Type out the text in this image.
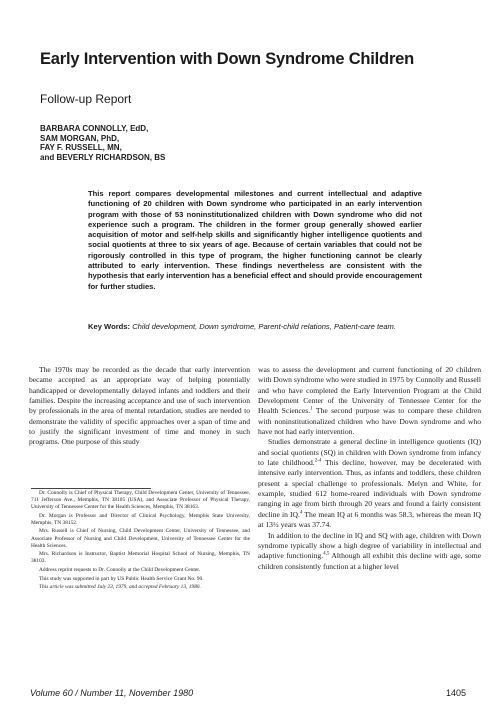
Early Intervention with Down Syndrome Children
Follow-up Report
BARBARA CONNOLLY, EdD,
SAM MORGAN, PhD,
FAY F. RUSSELL, MN,
and BEVERLY RICHARDSON, BS
This report compares developmental milestones and current intellectual and adaptive functioning of 20 children with Down syndrome who participated in an early intervention program with those of 53 noninstitutionalized children with Down syndrome who did not experience such a program. The children in the former group generally showed earlier acquisition of motor and self-help skills and significantly higher intelligence quotients and social quotients at three to six years of age. Because of certain variables that could not be rigorously controlled in this type of program, the higher functioning cannot be clearly attributed to early intervention. These findings nevertheless are consistent with the hypothesis that early intervention has a beneficial effect and should provide encouragement for further studies.
Key Words: Child development, Down syndrome, Parent-child relations, Patient-care team.

The 1970s may be recorded as the decade that early intervention became accepted as an appropriate way of helping potentially handicapped or developmentally delayed infants and toddlers and their families. Despite the increasing acceptance and use of such intervention by professionals in the area of mental retardation, studies are needed to demonstrate the validity of specific approaches over a span of time and to justify the significant investment of time and money in such programs. One purpose of this study

was to assess the development and current functioning of 20 children with Down syndrome who were studied in 1975 by Connolly and Russell and who have completed the Early Intervention Program at the Child Development Center of the University of Tennessee Center for the Health Sciences.$^1$ The second purpose was to compare these children with noninstitutionalized children who have Down syndrome and who have not had early intervention.

Studies demonstrate a general decline in intelligence quotients (IQ) and social quotients (SQ) in children with Down syndrome from infancy to late childhood.$^{2-4}$ This decline, however, may be decelerated with intensive early intervention. Thus, as infants and toddlers, these children present a special challenge to professionals. Melyn and White, for example, studied 612 home-reared individuals with Down syndrome ranging in age from birth through 20 years and found a fairly consistent decline in IQ.$^4$ The mean IQ at 6 months was 58.3, whereas the mean IQ at 13½ years was 37.74.

In addition to the decline in IQ and SQ with age, children with Down syndrome typically show a high degree of variability in intellectual and adaptive functioning.$^{4,5}$ Although all exhibit this decline with age, some children consistently function at a higher level

Dr. Connolly is Chief of Physical Therapy, Child Development Center, University of Tennessee, 711 Jefferson Ave., Memphis, TN 38105 (USA), and Associate Professor of Physical Therapy, University of Tennessee Center for the Health Sciences, Memphis, TN 38163.

Dr. Morgan is Professor and Director of Clinical Psychology, Memphis State University, Memphis, TN 38152.

Mrs. Russell is Chief of Nursing, Child Development Center, University of Tennessee, and Associate Professor of Nursing and Child Development, University of Tennessee Center for the Health Sciences.

Mrs. Richardson is Instructor, Baptist Memorial Hospital School of Nursing, Memphis, TN 38103.

Address reprint requests to Dr. Connolly at the Child Development Center.

This study was supported in part by US Public Health Service Grant No. 90.

This article was submitted July 23, 1979, and accepted February 13, 1980.

Volume 60 / Number 11, November 1980	1405
